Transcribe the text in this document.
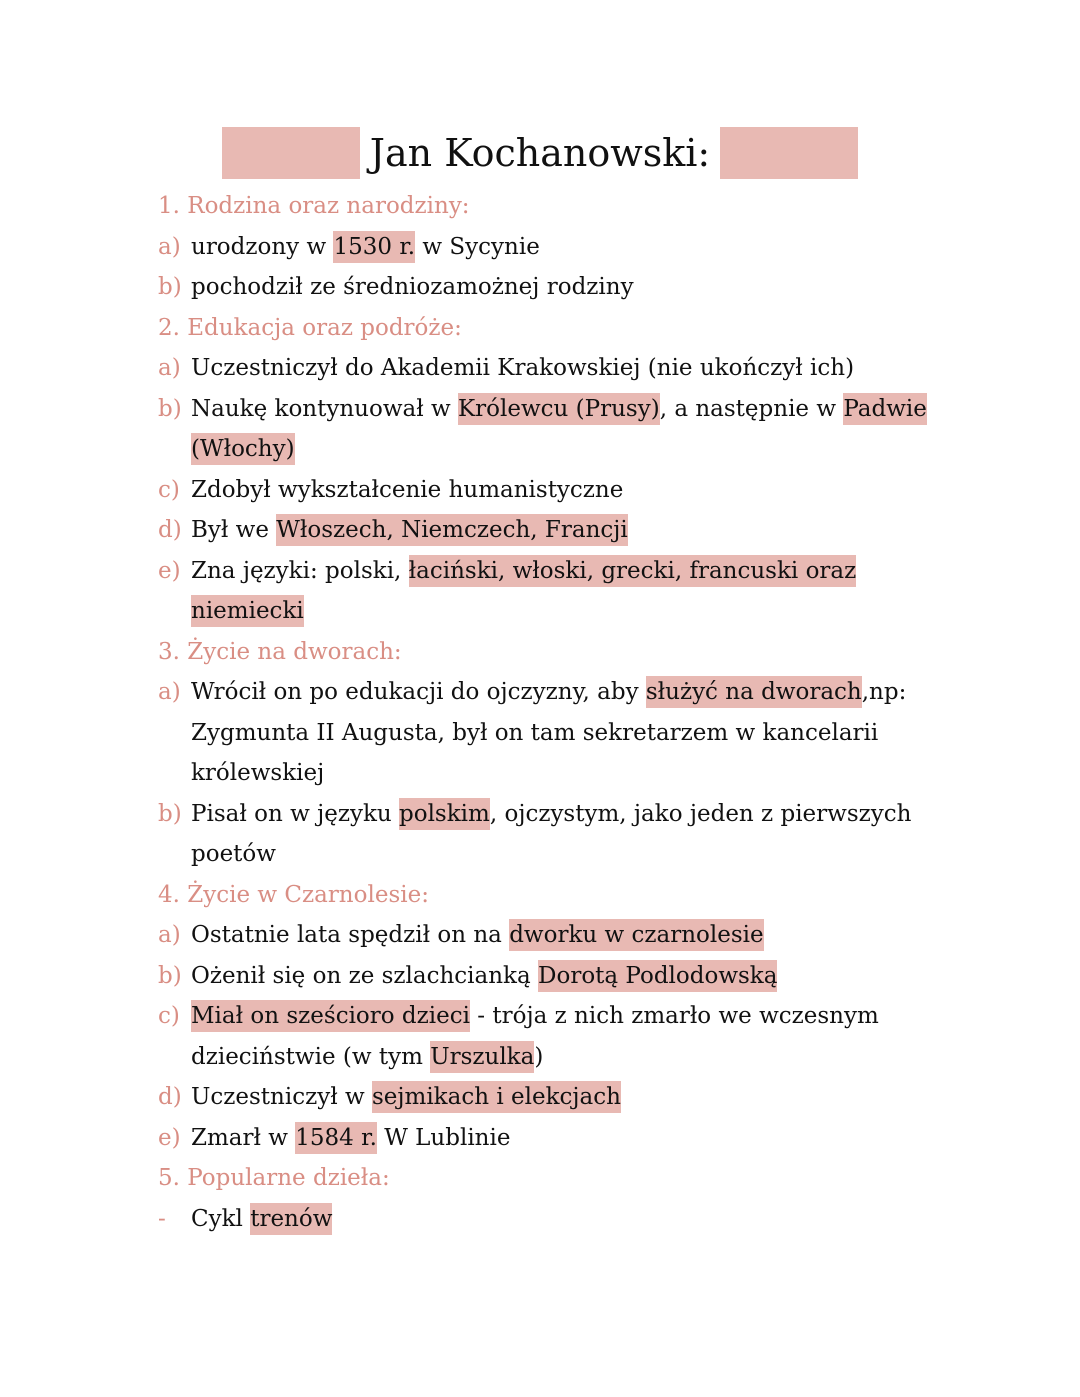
Jan Kochanowski:
1. Rodzina oraz narodziny:
a) urodzony w 1530 r. w Sycynie
b) pochodził ze średniozamożnej rodziny
2. Edukacja oraz podróże:
a) Uczestniczył do Akademii Krakowskiej (nie ukończył ich)
b) Naukę kontynuował w Królewcu (Prusy), a następnie w Padwie
(Włochy)
c) Zdobył wykształcenie humanistyczne
d) Był we Włoszech, Niemczech, Francji
e) Zna języki: polski, łaciński, włoski, grecki, francuski oraz
niemiecki
3. Życie na dworach:
a) Wrócił on po edukacji do ojczyzny, aby służyć na dworach,np:
Zygmunta II Augusta, był on tam sekretarzem w kancelarii
królewskiej
b) Pisał on w języku polskim, ojczystym, jako jeden z pierwszych
poetów
4. Życie w Czarnolesie:
a) Ostatnie lata spędził on na dworku w czarnolesie
b) Ożenił się on ze szlachcianką Dorotą Podlodowską
c) Miał on sześcioro dzieci - trója z nich zmarło we wczesnym
dzieciństwie (w tym Urszulka)
d) Uczestniczył w sejmikach i elekcjach
e) Zmarł w 1584 r. W Lublinie
5. Popularne dzieła:
-	Cykl trenów
